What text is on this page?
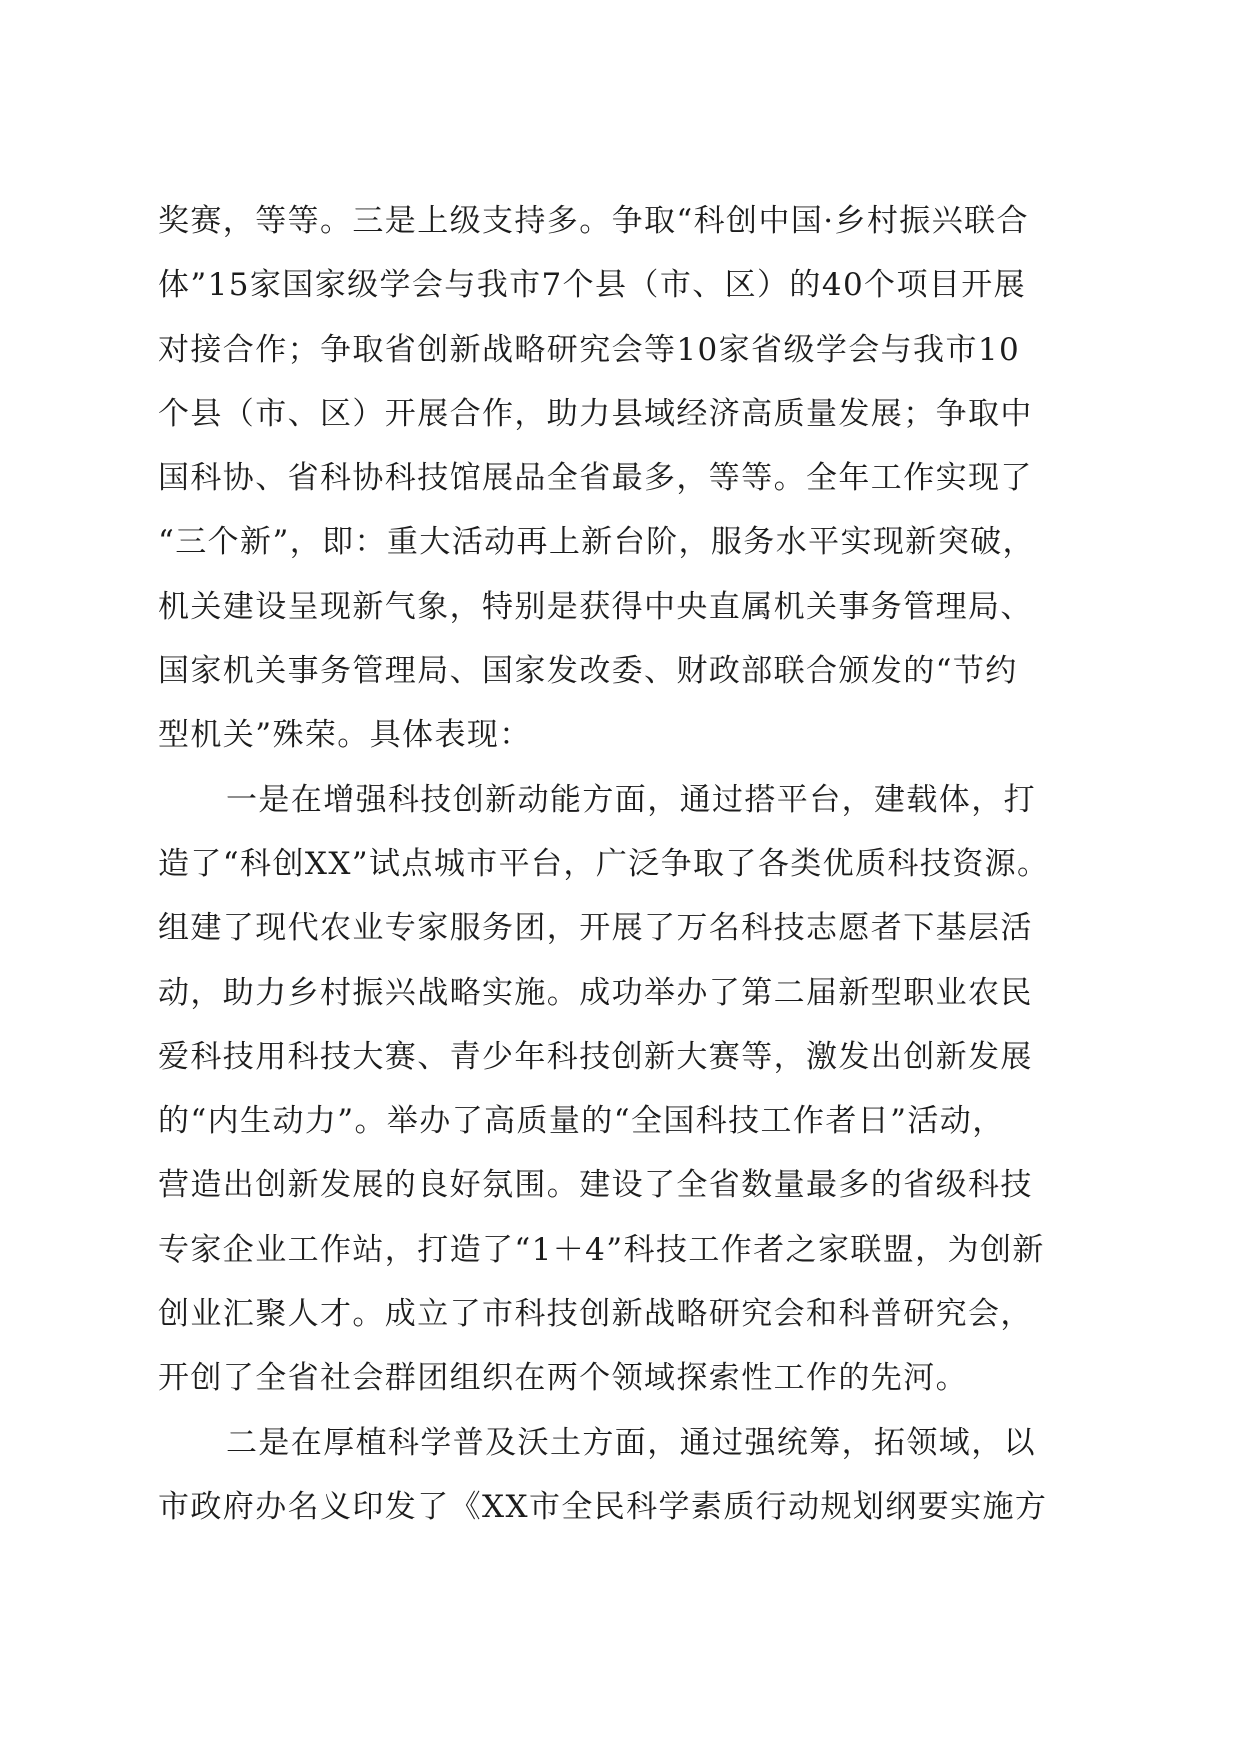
奖赛，等等。三是上级支持多。争取“科创中国·乡村振兴联合
体”15家国家级学会与我市7个县（市、区）的40个项目开展
对接合作；争取省创新战略研究会等10家省级学会与我市10
个县（市、区）开展合作，助力县域经济高质量发展；争取中
国科协、省科协科技馆展品全省最多，等等。全年工作实现了
“三个新”，即：重大活动再上新台阶，服务水平实现新突破，
机关建设呈现新气象，特别是获得中央直属机关事务管理局、
国家机关事务管理局、国家发改委、财政部联合颁发的“节约
型机关”殊荣。具体表现：
一是在增强科技创新动能方面，通过搭平台，建载体，打
造了“科创XX”试点城市平台，广泛争取了各类优质科技资源。
组建了现代农业专家服务团，开展了万名科技志愿者下基层活
动，助力乡村振兴战略实施。成功举办了第二届新型职业农民
爱科技用科技大赛、青少年科技创新大赛等，激发出创新发展
的“内生动力”。举办了高质量的“全国科技工作者日”活动，
营造出创新发展的良好氛围。建设了全省数量最多的省级科技
专家企业工作站，打造了“1＋4”科技工作者之家联盟，为创新
创业汇聚人才。成立了市科技创新战略研究会和科普研究会，
开创了全省社会群团组织在两个领域探索性工作的先河。
二是在厚植科学普及沃土方面，通过强统筹，拓领域，以
市政府办名义印发了《XX市全民科学素质行动规划纲要实施方
